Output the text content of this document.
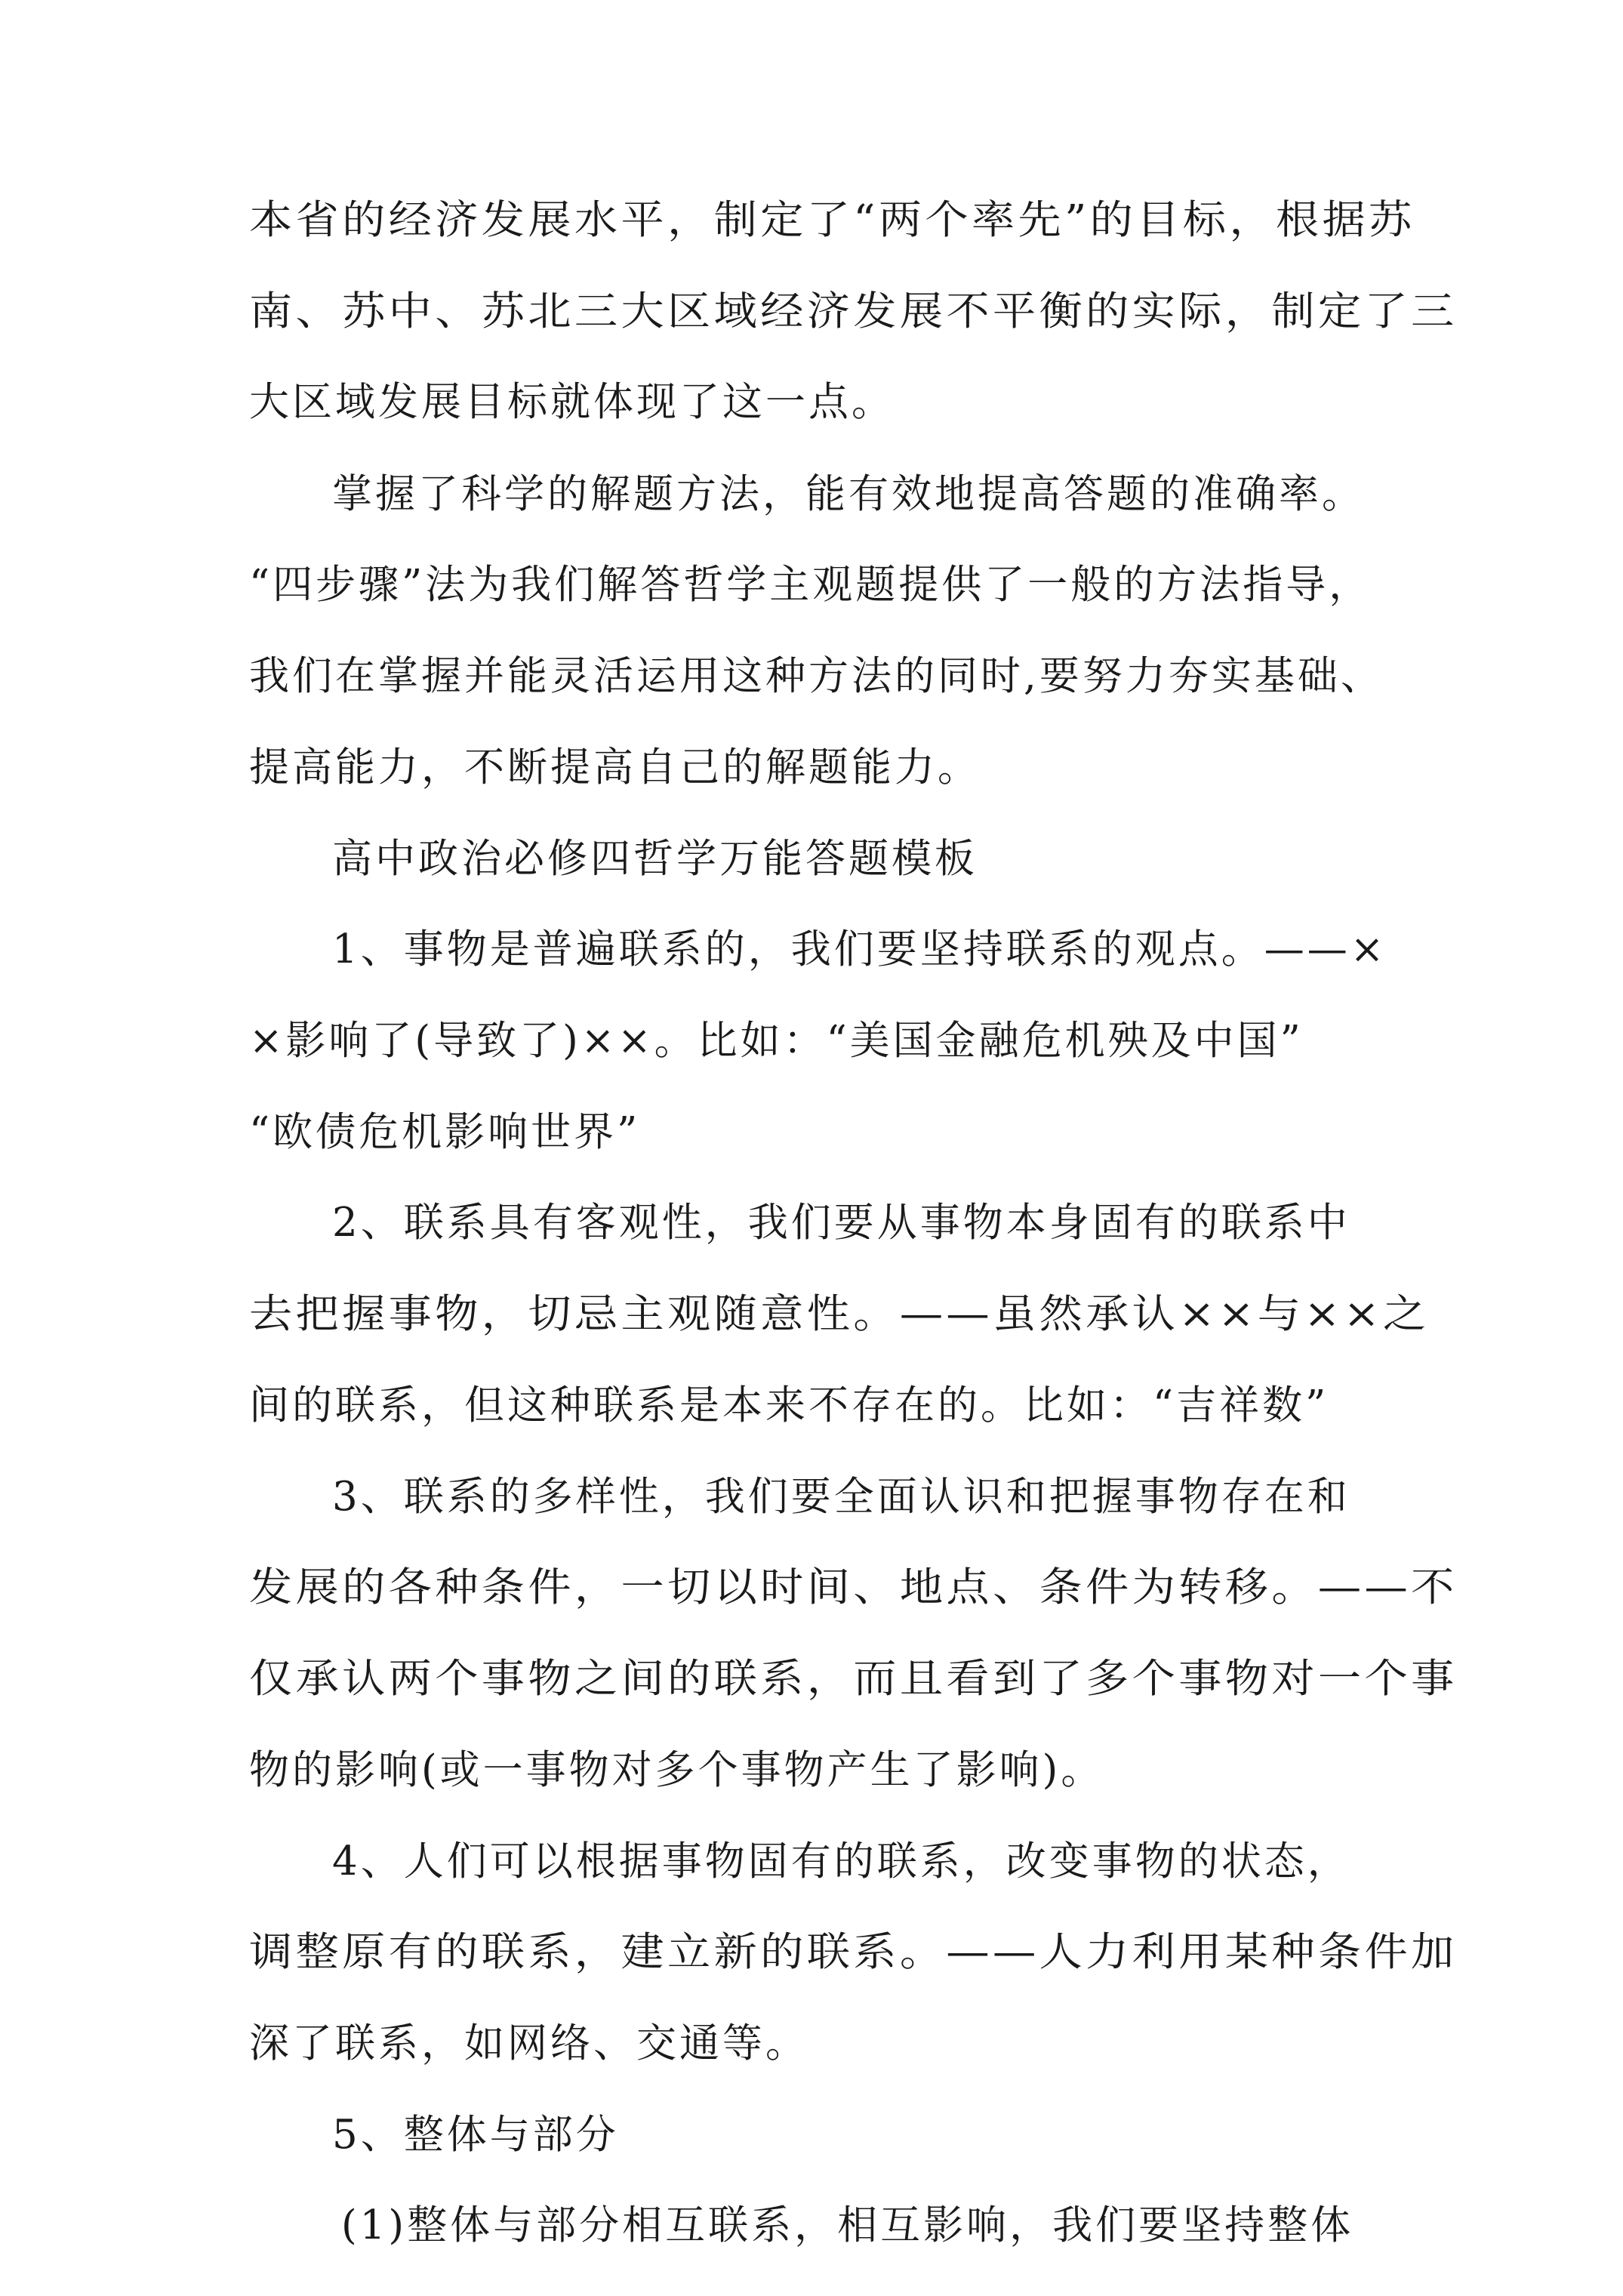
本省的经济发展水平，制定了“两个率先”的目标，根据苏
南、苏中、苏北三大区域经济发展不平衡的实际，制定了三
大区域发展目标就体现了这一点。
掌握了科学的解题方法，能有效地提高答题的准确率。
“四步骤”法为我们解答哲学主观题提供了一般的方法指导，
我们在掌握并能灵活运用这种方法的同时,要努力夯实基础、
提高能力，不断提高自己的解题能力。
高中政治必修四哲学万能答题模板
1、事物是普遍联系的，我们要坚持联系的观点。——×
×影响了(导致了)××。比如：“美国金融危机殃及中国”
“欧债危机影响世界”
2、联系具有客观性，我们要从事物本身固有的联系中
去把握事物，切忌主观随意性。——虽然承认××与××之
间的联系，但这种联系是本来不存在的。比如：“吉祥数”
3、联系的多样性，我们要全面认识和把握事物存在和
发展的各种条件，一切以时间、地点、条件为转移。——不
仅承认两个事物之间的联系，而且看到了多个事物对一个事
物的影响(或一事物对多个事物产生了影响)。
4、人们可以根据事物固有的联系，改变事物的状态，
调整原有的联系，建立新的联系。——人力利用某种条件加
深了联系，如网络、交通等。
5、整体与部分
(1)整体与部分相互联系，相互影响，我们要坚持整体
